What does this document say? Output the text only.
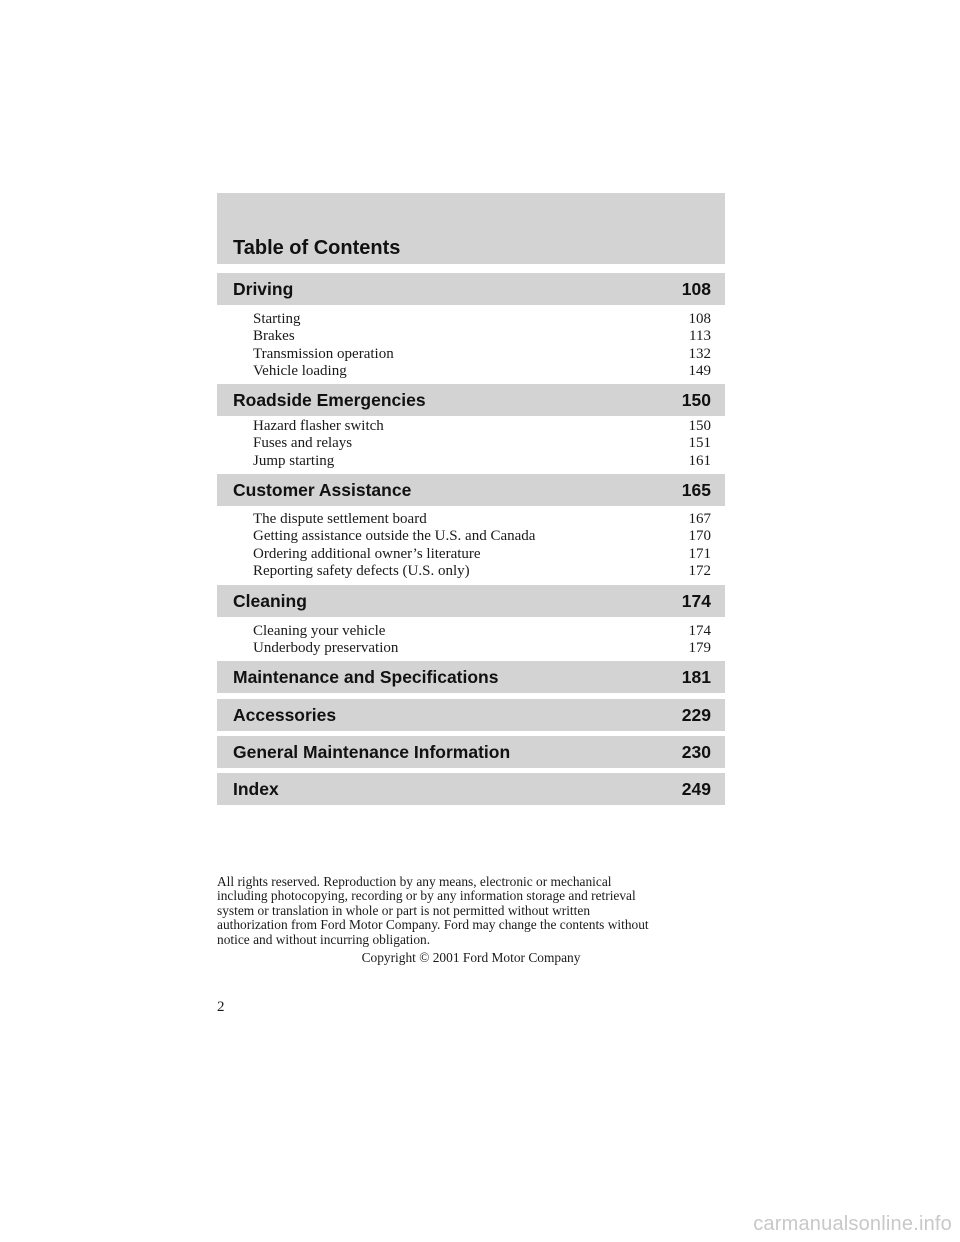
Table of Contents
Driving	108
Starting	108
Brakes	113
Transmission operation	132
Vehicle loading	149
Roadside Emergencies	150
Hazard flasher switch	150
Fuses and relays	151
Jump starting	161
Customer Assistance	165
The dispute settlement board	167
Getting assistance outside the U.S. and Canada	170
Ordering additional owner’s literature	171
Reporting safety defects (U.S. only)	172
Cleaning	174
Cleaning your vehicle	174
Underbody preservation	179
Maintenance and Specifications	181
Accessories	229
General Maintenance Information	230
Index	249
All rights reserved. Reproduction by any means, electronic or mechanical
including photocopying, recording or by any information storage and retrieval
system or translation in whole or part is not permitted without written
authorization from Ford Motor Company. Ford may change the contents without
notice and without incurring obligation.
Copyright © 2001 Ford Motor Company
2
carmanualsonline.info
